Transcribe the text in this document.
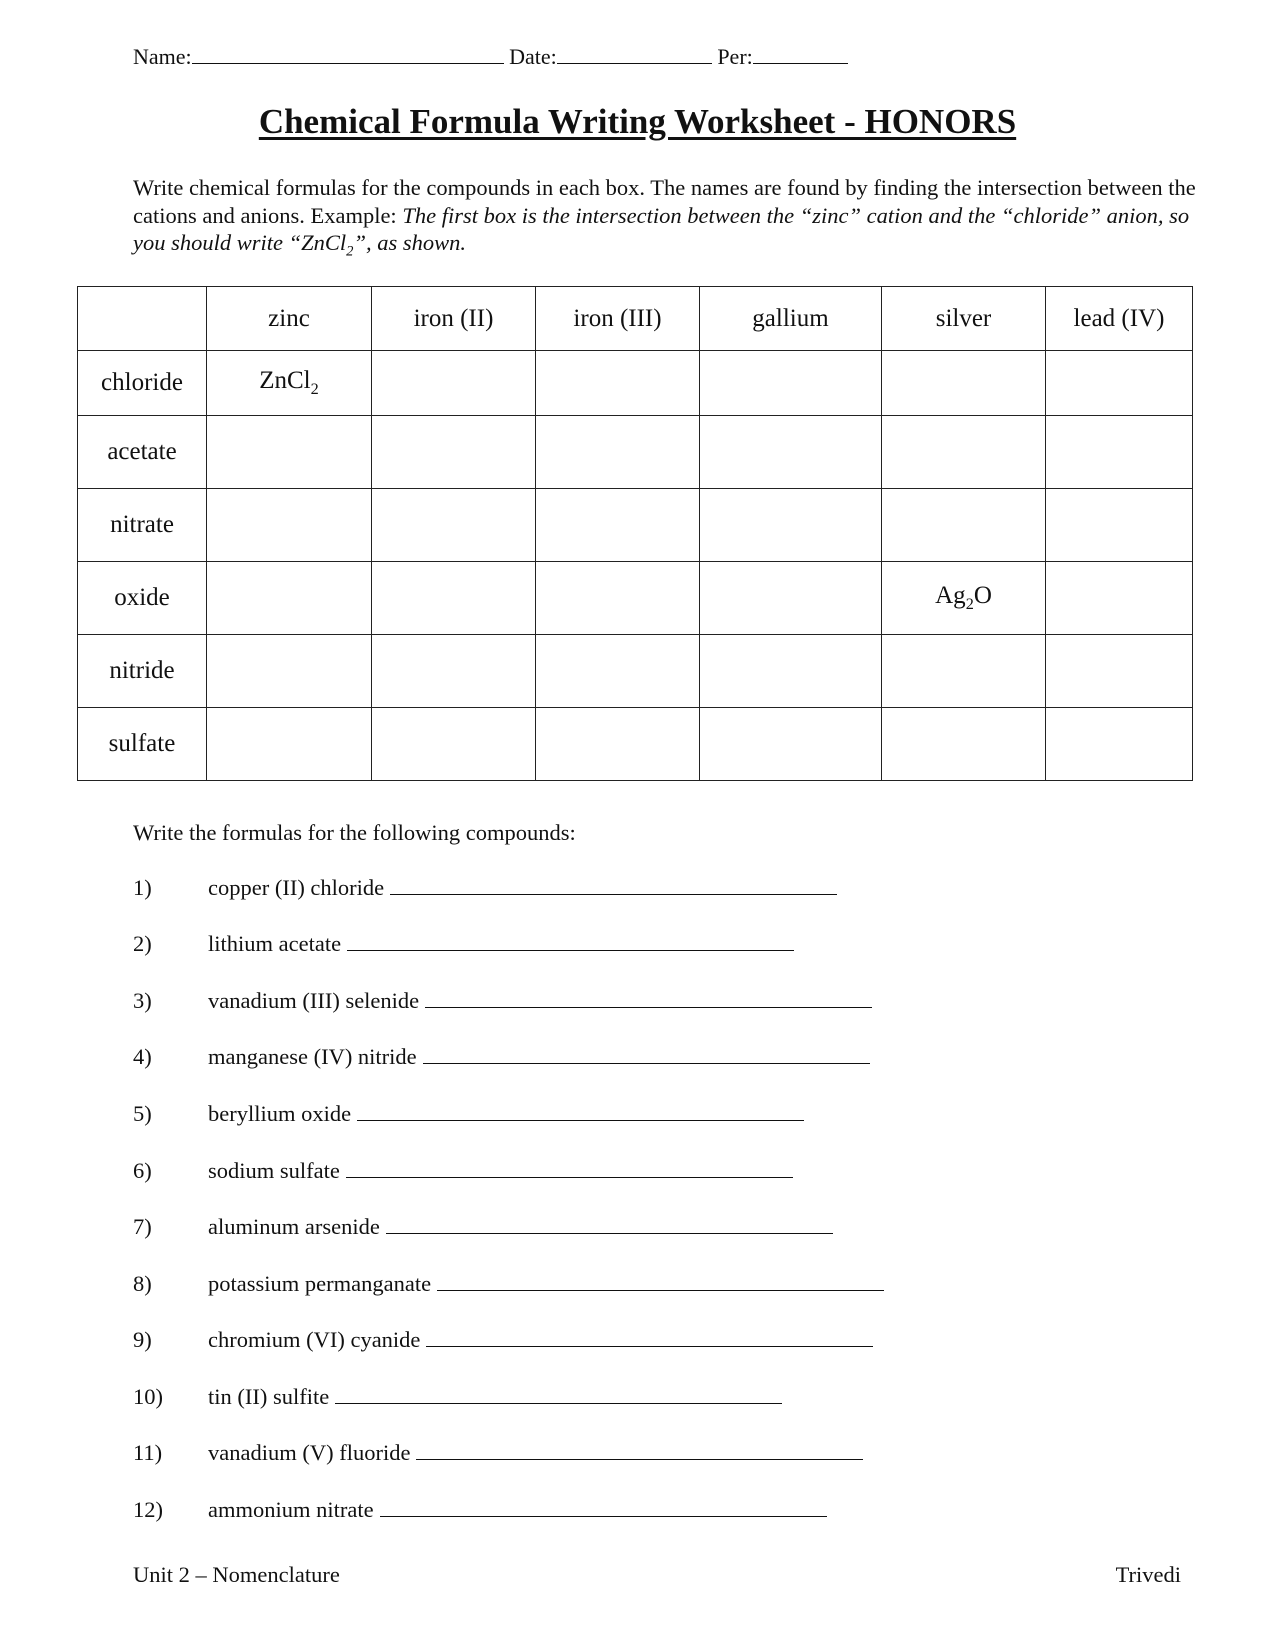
Name:	Date:	Per:
Chemical Formula Writing Worksheet - HONORS
Write chemical formulas for the compounds in each box. The names are found by finding the intersection between the cations and anions. Example: The first box is the intersection between the “zinc” cation and the “chloride” anion, so you should write “ZnCl$_2$”, as shown.
	zinc	iron (II)	iron (III)	gallium	silver	lead (IV)
chloride	ZnCl$_2$					
acetate						
nitrate						
oxide					$Ag_2O$	
nitride						
sulfate						
Write the formulas for the following compounds:
1)	copper (II) chloride
2)	lithium acetate
3)	vanadium (III) selenide
4)	manganese (IV) nitride
5)	beryllium oxide
6)	sodium sulfate
7)	aluminum arsenide
8)	potassium permanganate
9)	chromium (VI) cyanide
10) tin (II) sulfite
11) vanadium (V) fluoride
12) ammonium nitrate
Unit 2 – Nomenclature	Trivedi
